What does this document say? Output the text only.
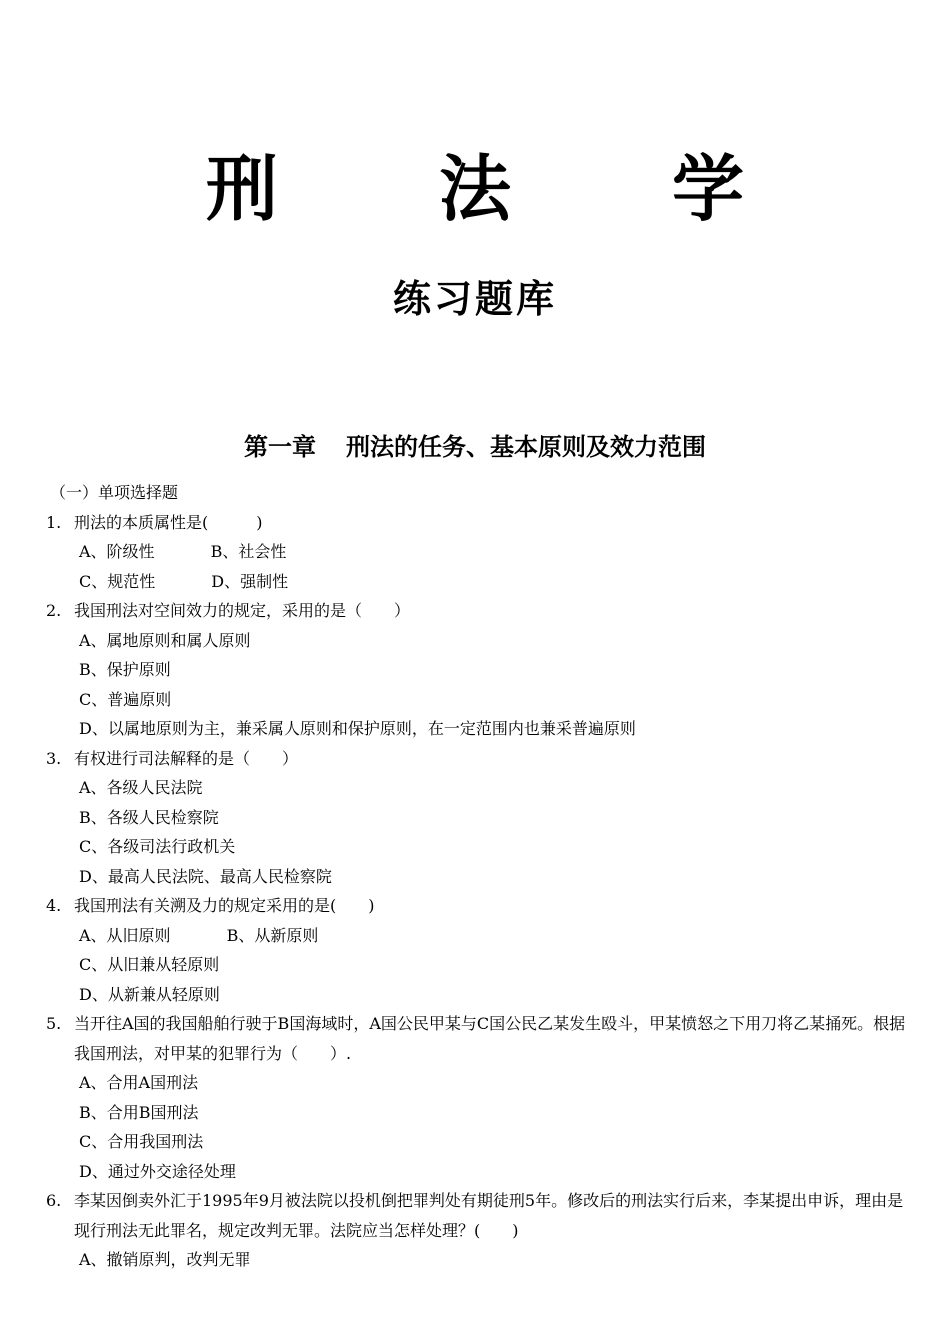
刑 法 学
练习题库
第一章 刑法的任务、基本原则及效力范围
（一）单项选择题
1. 刑法的本质属性是(　　　)
A、阶级性	B、社会性
C、规范性	D、强制性
2. 我国刑法对空间效力的规定，采用的是（　　）
A、属地原则和属人原则
B、保护原则
C、普遍原则
D、以属地原则为主，兼采属人原则和保护原则，在一定范围内也兼采普遍原则
3. 有权进行司法解释的是（　　）
A、各级人民法院
B、各级人民检察院
C、各级司法行政机关
D、最高人民法院、最高人民检察院
4. 我国刑法有关溯及力的规定采用的是(　　)
A、从旧原则	B、从新原则
C、从旧兼从轻原则
D、从新兼从轻原则
5. 当开往A国的我国船舶行驶于B国海域时，A国公民甲某与C国公民乙某发生殴斗，甲某愤怒之下用刀将乙某捅死。根据我国刑法，对甲某的犯罪行为（　　）.
A、合用A国刑法
B、合用B国刑法
C、合用我国刑法
D、通过外交途径处理
6. 李某因倒卖外汇于1995年9月被法院以投机倒把罪判处有期徒刑5年。修改后的刑法实行后来，李某提出申诉，理由是现行刑法无此罪名，规定改判无罪。法院应当怎样处理？(　　)
A、撤销原判，改判无罪
